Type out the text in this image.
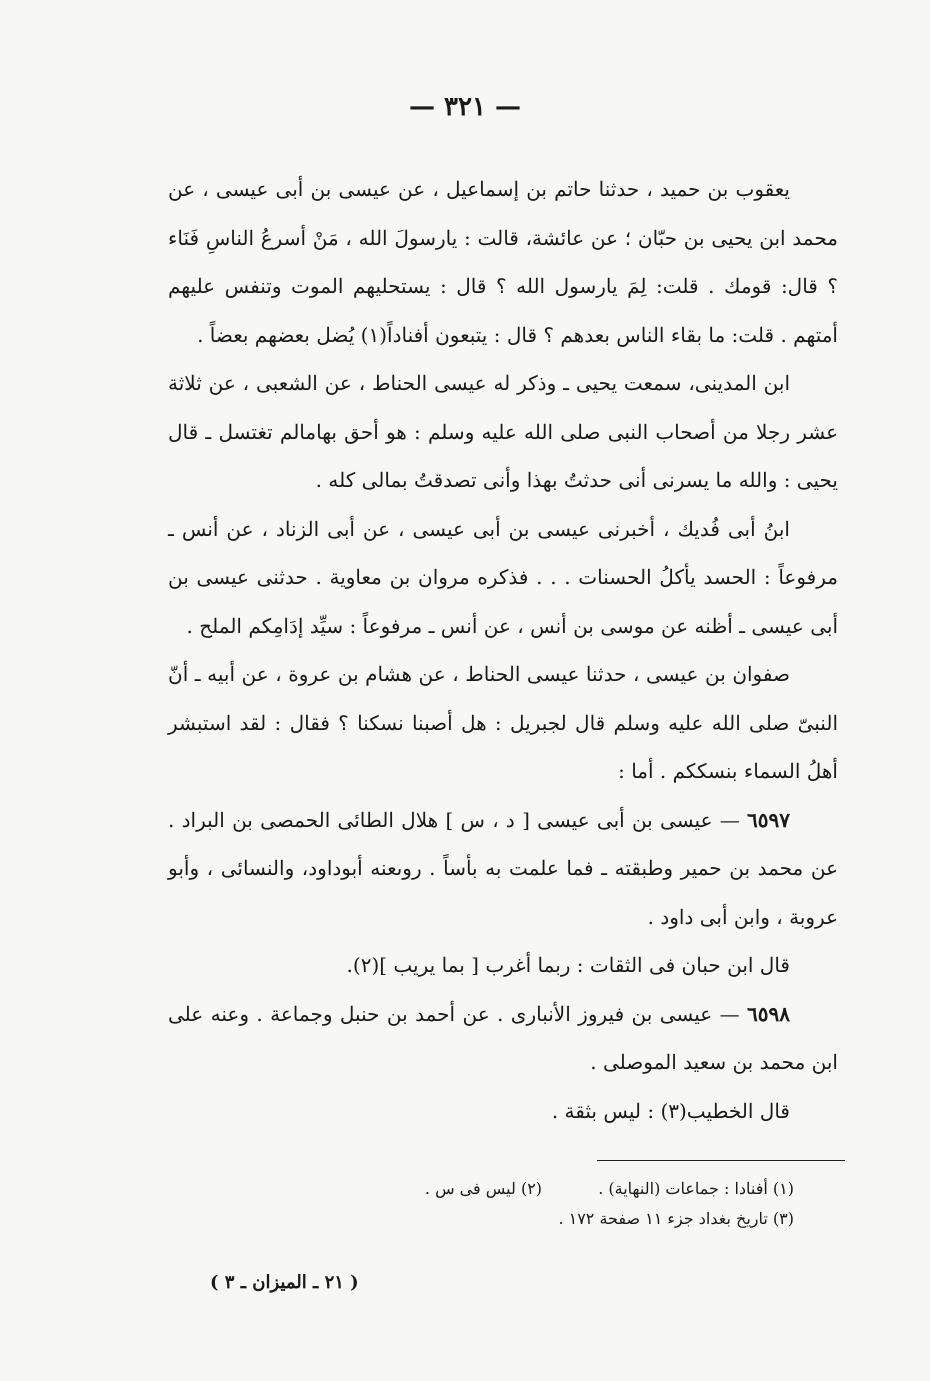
— ٣٢١ —

يعقوب بن حميد ، حدثنا حاتم بن إسماعيل ، عن عيسى بن أبى عيسى ، عن محمد ابن يحيى بن حبّان ؛ عن عائشة، قالت : يارسولَ الله ، مَنْ أسرعُ الناسِ فَنَاء ؟ قال: قومك . قلت: لِمَ يارسول الله ؟ قال : يستحليهم الموت وتنفس عليهم أمتهم . قلت: ما بقاء الناس بعدهم ؟ قال : يتبعون أفناداً(١) يُضل بعضهم بعضاً .

ابن المدينى، سمعت يحيى ـ وذكر له عيسى الحناط ، عن الشعبى ، عن ثلاثة عشر رجلا من أصحاب النبى صلى الله عليه وسلم : هو أحق بهامالم تغتسل ـ قال يحيى : والله ما يسرنى أنى حدثتُ بهذا وأنى تصدقتُ بمالى كله .

ابنُ أبى فُديك ، أخبرنى عيسى بن أبى عيسى ، عن أبى الزناد ، عن أنس ـ مرفوعاً : الحسد يأكلُ الحسنات . . . فذكره مروان بن معاوية . حدثنى عيسى بن أبى عيسى ـ أظنه عن موسى بن أنس ، عن أنس ـ مرفوعاً : سيِّد إدَامِكم الملح .

صفوان بن عيسى ، حدثنا عيسى الحناط ، عن هشام بن عروة ، عن أبيه ـ أنّ النبىّ صلى الله عليه وسلم قال لجبريل : هل أصبنا نسكنا ؟ فقال : لقد استبشر أهلُ السماء بنسككم . أما :

٦٥٩٧ — عيسى بن أبى عيسى [ د ، س ] هلال الطائى الحمصى بن البراد . عن محمد بن حمير وطبقته ـ فما علمت به بأساً . روىعنه أبوداود، والنسائى ، وأبو عروبة ، وابن أبى داود .

قال ابن حبان فى الثقات : ربما أغرب [ بما يريب ](٢).

٦٥٩٨ — عيسى بن فيروز الأنبارى . عن أحمد بن حنبل وجماعة . وعنه على ابن محمد بن سعيد الموصلى .

قال الخطيب(٣) : ليس بثقة .

(١) أفنادا : جماعات (النهاية) .  (٢) ليس فى س .
(٣) تاريخ بغداد جزء ١١ صفحة ١٧٢ .
( ٢١ ـ الميزان ـ ٣ )
